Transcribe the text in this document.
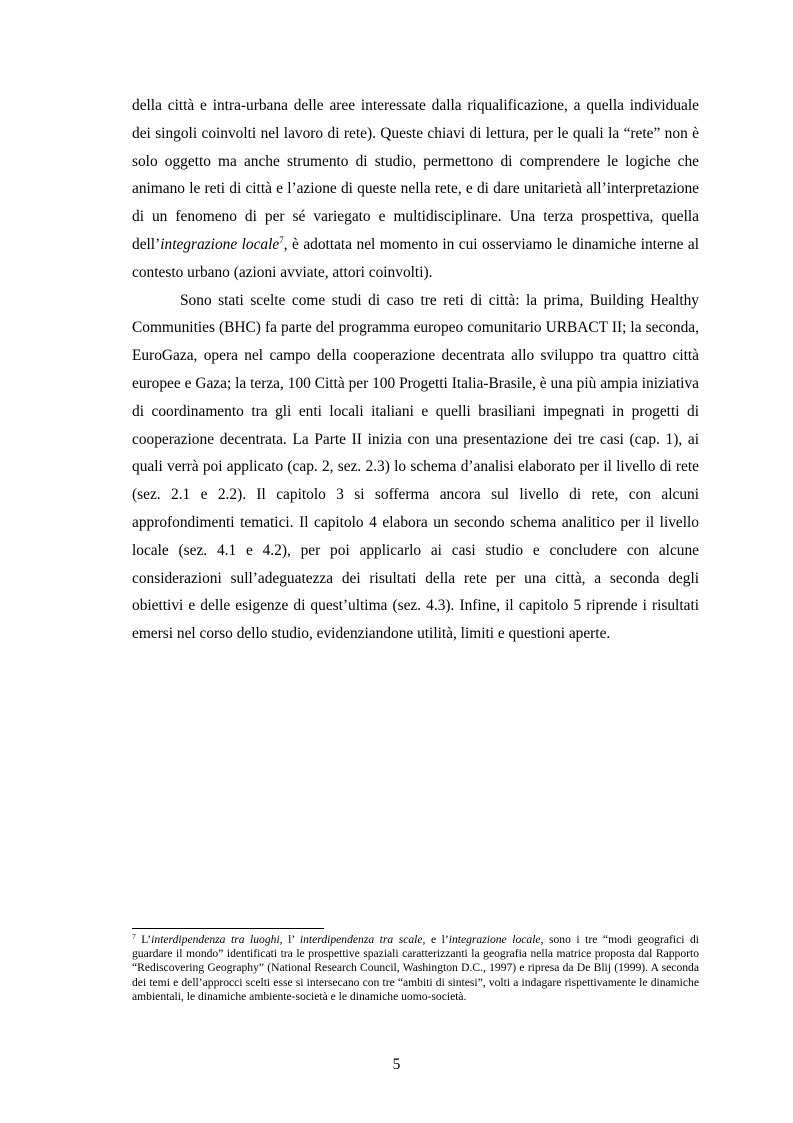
della città e intra-urbana delle aree interessate dalla riqualificazione, a quella individuale dei singoli coinvolti nel lavoro di rete). Queste chiavi di lettura, per le quali la “rete” non è solo oggetto ma anche strumento di studio, permettono di comprendere le logiche che animano le reti di città e l’azione di queste nella rete, e di dare unitarietà all’interpretazione di un fenomeno di per sé variegato e multidisciplinare. Una terza prospettiva, quella dell’integrazione locale$^7$, è adottata nel momento in cui osserviamo le dinamiche interne al contesto urbano (azioni avviate, attori coinvolti).

Sono stati scelte come studi di caso tre reti di città: la prima, Building Healthy Communities (BHC) fa parte del programma europeo comunitario URBACT II; la seconda, EuroGaza, opera nel campo della cooperazione decentrata allo sviluppo tra quattro città europee e Gaza; la terza, 100 Città per 100 Progetti Italia-Brasile, è una più ampia iniziativa di coordinamento tra gli enti locali italiani e quelli brasiliani impegnati in progetti di cooperazione decentrata. La Parte II inizia con una presentazione dei tre casi (cap. 1), ai quali verrà poi applicato (cap. 2, sez. 2.3) lo schema d’analisi elaborato per il livello di rete (sez. 2.1 e 2.2). Il capitolo 3 si sofferma ancora sul livello di rete, con alcuni approfondimenti tematici. Il capitolo 4 elabora un secondo schema analitico per il livello locale (sez. 4.1 e 4.2), per poi applicarlo ai casi studio e concludere con alcune considerazioni sull’adeguatezza dei risultati della rete per una città, a seconda degli obiettivi e delle esigenze di quest’ultima (sez. 4.3). Infine, il capitolo 5 riprende i risultati emersi nel corso dello studio, evidenziandone utilità, limiti e questioni aperte.

$^7$ L’interdipendenza tra luoghi, l’ interdipendenza tra scale, e l’integrazione locale, sono i tre “modi geografici di guardare il mondo” identificati tra le prospettive spaziali caratterizzanti la geografia nella matrice proposta dal Rapporto “Rediscovering Geography” (National Research Council, Washington D.C., 1997) e ripresa da De Blij (1999). A seconda dei temi e dell’approcci scelti esse si intersecano con tre “ambiti di sintesi”, volti a indagare rispettivamente le dinamiche ambientali, le dinamiche ambiente-società e le dinamiche uomo-società.

5
